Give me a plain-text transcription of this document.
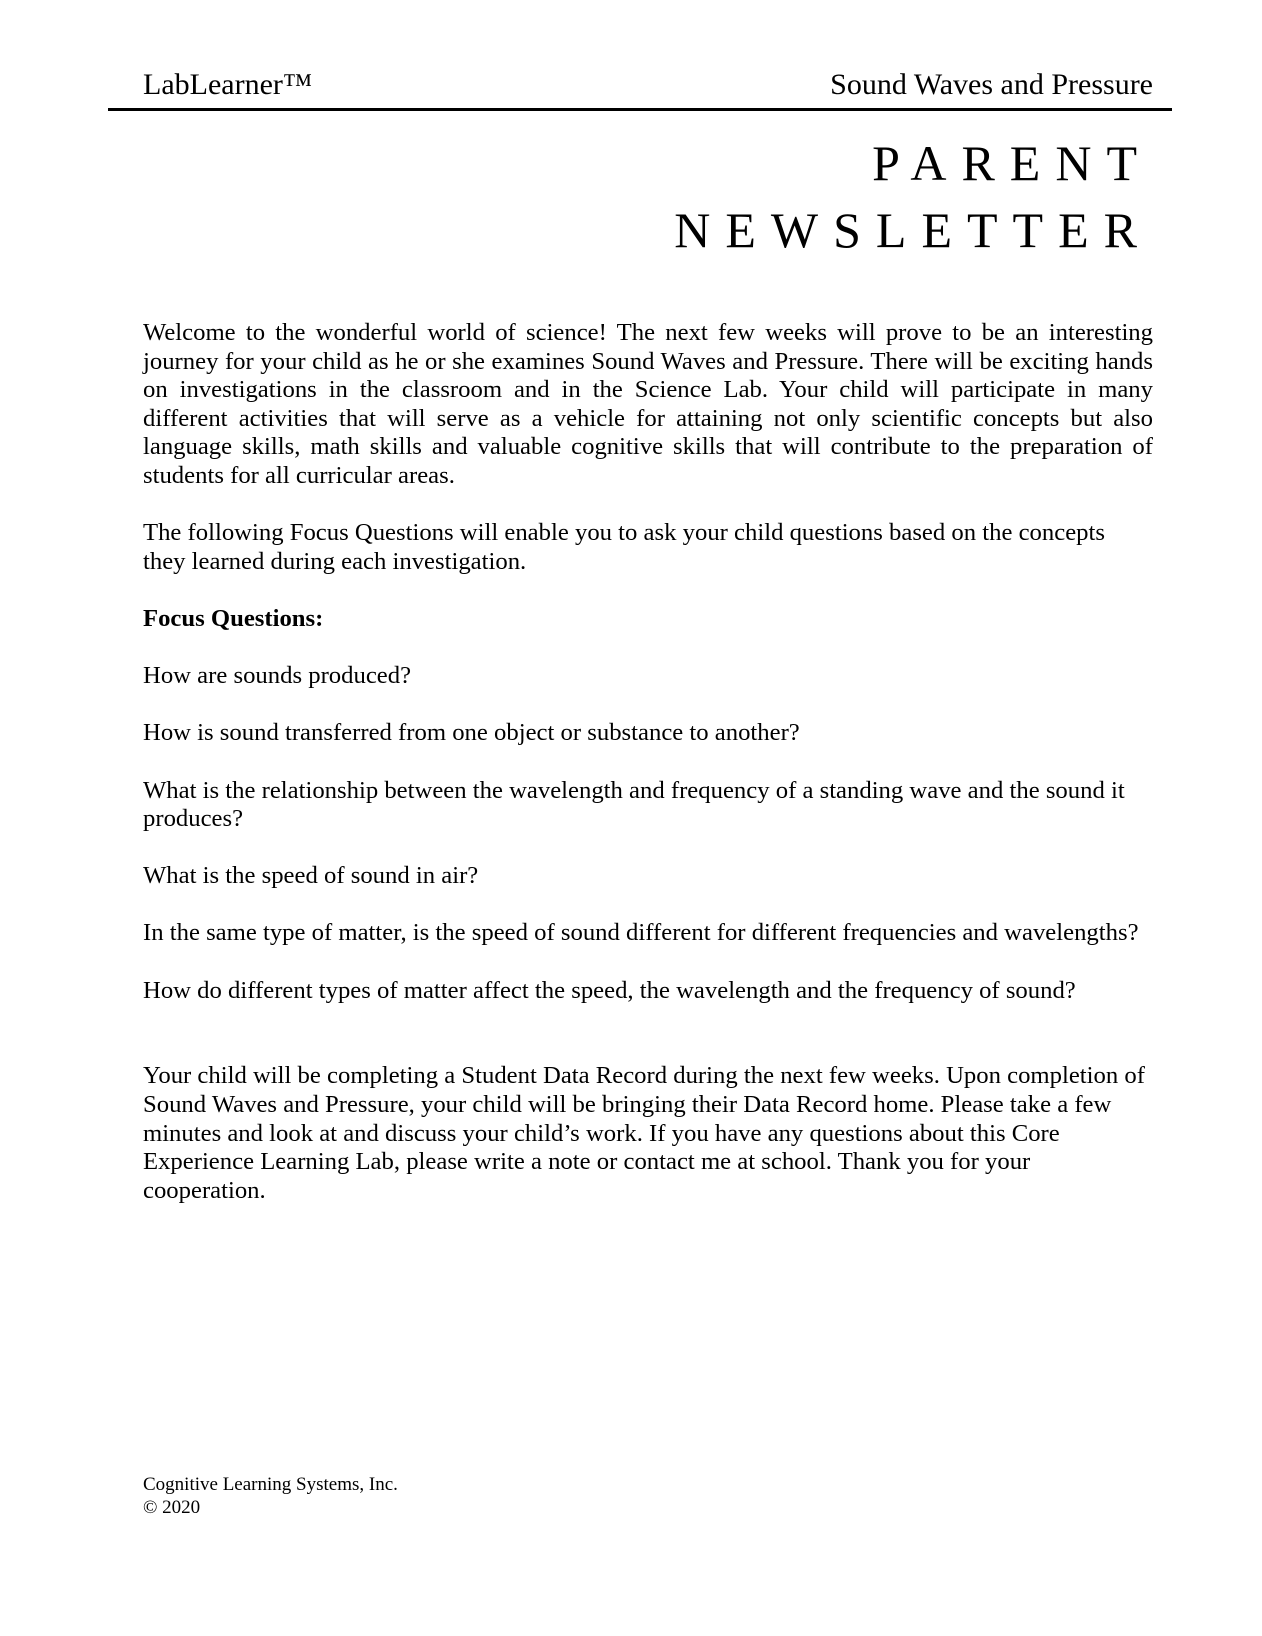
LabLearner™	Sound Waves and Pressure
PARENT
NEWSLETTER

Welcome to the wonderful world of science! The next few weeks will prove to be an interesting journey for your child as he or she examines Sound Waves and Pressure. There will be exciting hands on investigations in the classroom and in the Science Lab. Your child will participate in many different activities that will serve as a vehicle for attaining not only scientific concepts but also language skills, math skills and valuable cognitive skills that will contribute to the preparation of students for all curricular areas.

The following Focus Questions will enable you to ask your child questions based on the concepts they learned during each investigation.

Focus Questions:

How are sounds produced?

How is sound transferred from one object or substance to another?

What is the relationship between the wavelength and frequency of a standing wave and the sound it produces?

What is the speed of sound in air?

In the same type of matter, is the speed of sound different for different frequencies and wavelengths?

How do different types of matter affect the speed, the wavelength and the frequency of sound?

Your child will be completing a Student Data Record during the next few weeks. Upon completion of Sound Waves and Pressure, your child will be bringing their Data Record home. Please take a few minutes and look at and discuss your child’s work. If you have any questions about this Core Experience Learning Lab, please write a note or contact me at school. Thank you for your cooperation.

Cognitive Learning Systems, Inc.
© 2020
